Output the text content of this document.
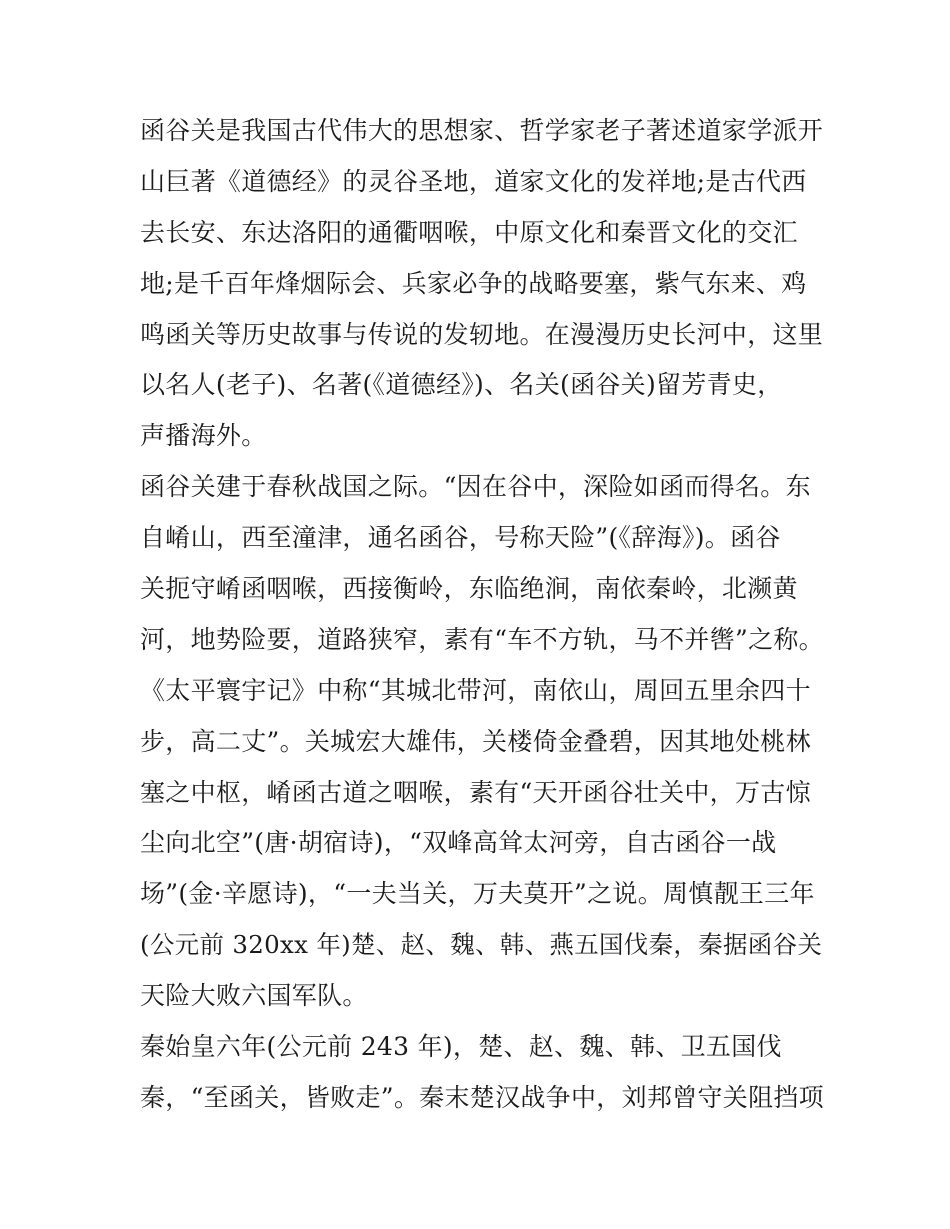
函谷关是我国古代伟大的思想家、哲学家老子著述道家学派开
山巨著《道德经》的灵谷圣地，道家文化的发祥地;是古代西
去长安、东达洛阳的通衢咽喉，中原文化和秦晋文化的交汇
地;是千百年烽烟际会、兵家必争的战略要塞，紫气东来、鸡
鸣函关等历史故事与传说的发轫地。在漫漫历史长河中，这里
以名人(老子)、名著(《道德经》)、名关(函谷关)留芳青史，
声播海外。
函谷关建于春秋战国之际。“因在谷中，深险如函而得名。东
自崤山，西至潼津，通名函谷，号称天险”(《辞海》)。函谷
关扼守崤函咽喉，西接衡岭，东临绝涧，南依秦岭，北濒黄
河，地势险要，道路狭窄，素有“车不方轨，马不并辔”之称。
《太平寰宇记》中称“其城北带河，南依山，周回五里余四十
步，高二丈”。关城宏大雄伟，关楼倚金叠碧，因其地处桃林
塞之中枢，崤函古道之咽喉，素有“天开函谷壮关中，万古惊
尘向北空”(唐·胡宿诗)，“双峰高耸太河旁，自古函谷一战
场”(金·辛愿诗)，“一夫当关，万夫莫开”之说。周慎靓王三年
(公元前 320xx 年)楚、赵、魏、韩、燕五国伐秦，秦据函谷关
天险大败六国军队。
秦始皇六年(公元前 243 年)，楚、赵、魏、韩、卫五国伐
秦，“至函关，皆败走”。秦末楚汉战争中，刘邦曾守关阻挡项
